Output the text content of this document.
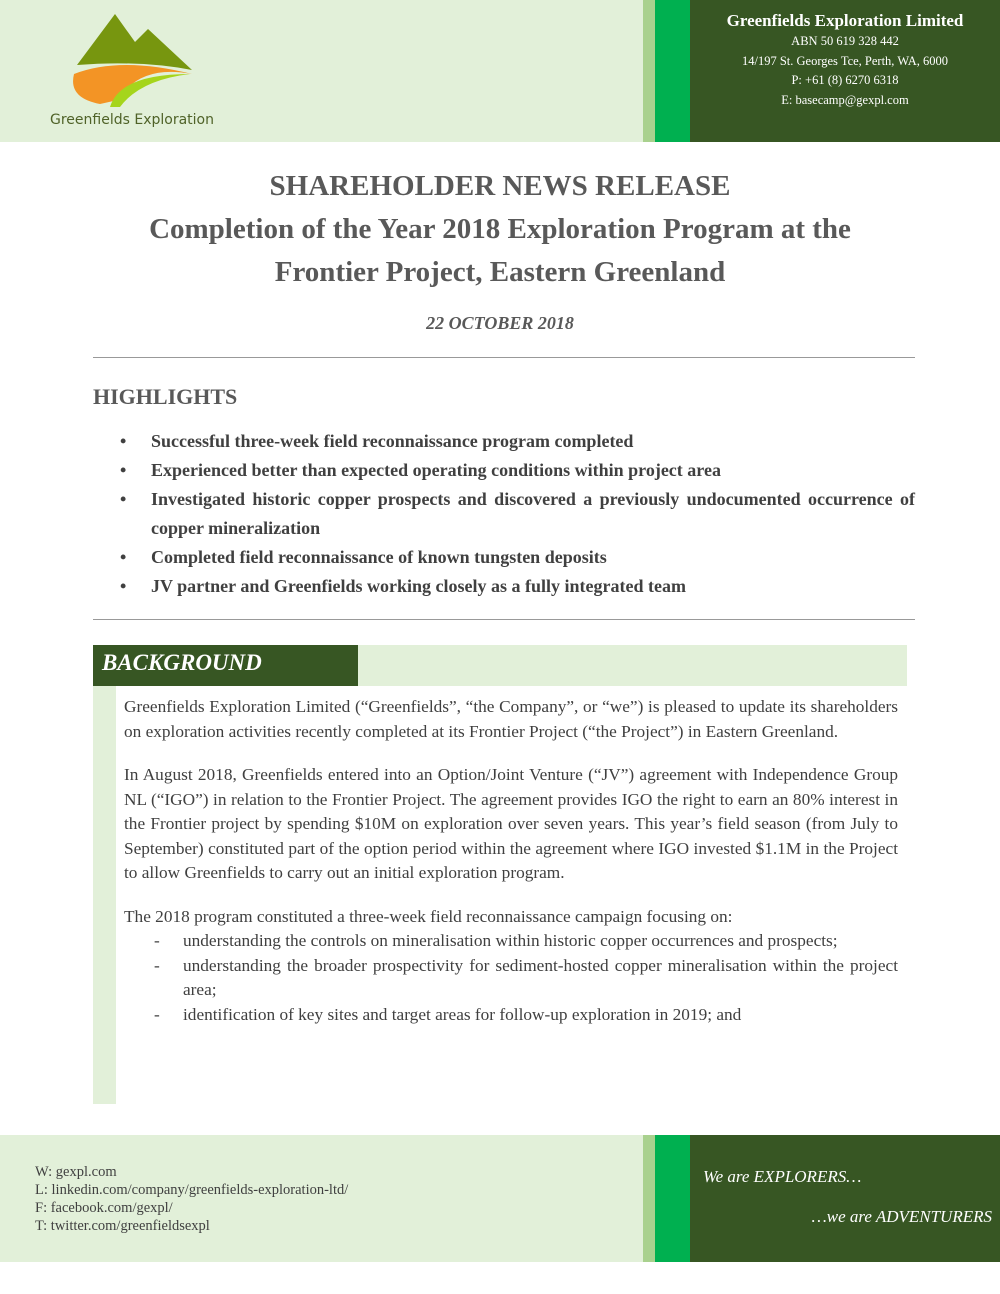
Greenfields Exploration
Greenfields Exploration Limited
ABN 50 619 328 442
14/197 St. Georges Tce, Perth, WA, 6000
P: +61 (8) 6270 6318
E: basecamp@gexpl.com
SHAREHOLDER NEWS RELEASE
Completion of the Year 2018 Exploration Program at the
Frontier Project, Eastern Greenland
22 OCTOBER 2018
HIGHLIGHTS
• Successful three-week field reconnaissance program completed
• Experienced better than expected operating conditions within project area
• Investigated historic copper prospects and discovered a previously undocumented occurrence of copper mineralization
• Completed field reconnaissance of known tungsten deposits
• JV partner and Greenfields working closely as a fully integrated team
BACKGROUND

Greenfields Exploration Limited (“Greenfields”, “the Company”, or “we”) is pleased to update its shareholders on exploration activities recently completed at its Frontier Project (“the Project”) in Eastern Greenland.

In August 2018, Greenfields entered into an Option/Joint Venture (“JV”) agreement with Independence Group NL (“IGO”) in relation to the Frontier Project. The agreement provides IGO the right to earn an 80% interest in the Frontier project by spending $10M on exploration over seven years. This year’s field season (from July to September) constituted part of the option period within the agreement where IGO invested $1.1M in the Project to allow Greenfields to carry out an initial exploration program.

The 2018 program constituted a three-week field reconnaissance campaign focusing on:

- understanding the controls on mineralisation within historic copper occurrences and prospects;
- understanding the broader prospectivity for sediment-hosted copper mineralisation within the project area;
- identification of key sites and target areas for follow-up exploration in 2019; and
W: gexpl.com
L: linkedin.com/company/greenfields-exploration-ltd/
F: facebook.com/gexpl/
T: twitter.com/greenfieldsexpl
We are EXPLORERS…
…we are ADVENTURERS
